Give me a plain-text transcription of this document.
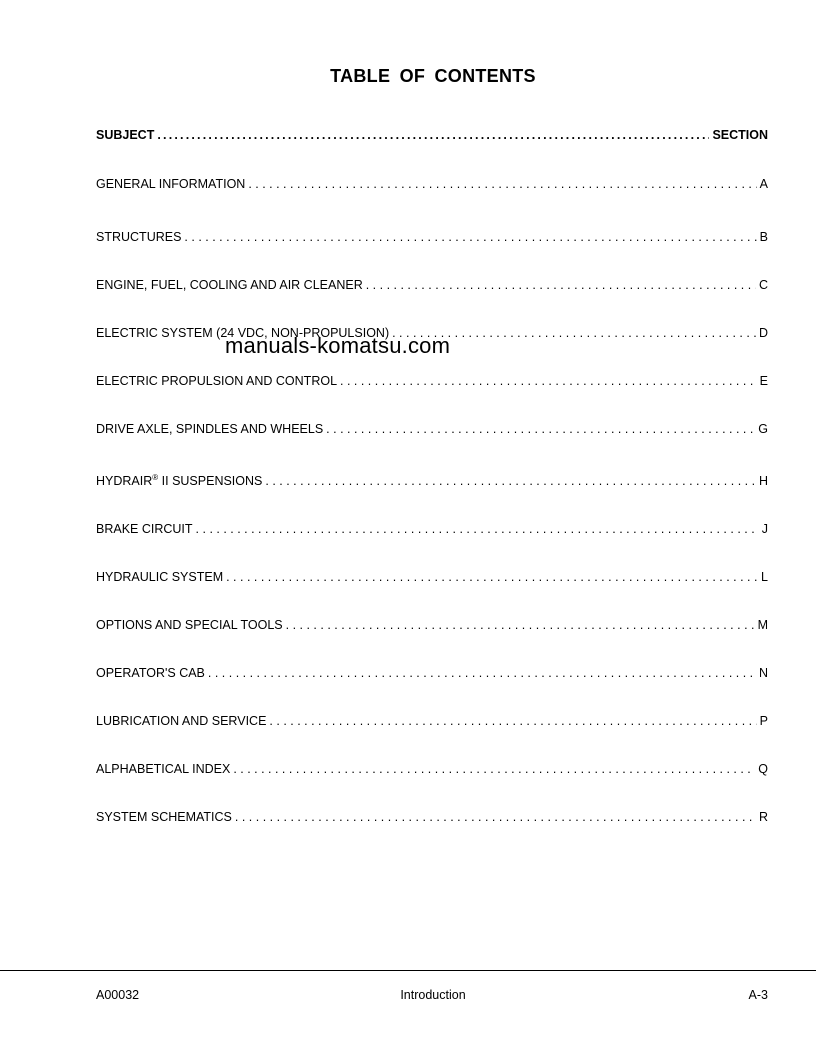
TABLE OF CONTENTS
SUBJECT .....	SECTION
GENERAL INFORMATION . . .	A
STRUCTURES . . .	B
ENGINE, FUEL, COOLING AND AIR CLEANER . . .	C
ELECTRIC SYSTEM (24 VDC, NON-PROPULSION) . . .	D
ELECTRIC PROPULSION AND CONTROL . . .	E
DRIVE AXLE, SPINDLES AND WHEELS . . .	G
HYDRAIR® II SUSPENSIONS . . .	H
BRAKE CIRCUIT . . .	J
HYDRAULIC SYSTEM . . .	L
OPTIONS AND SPECIAL TOOLS . . .	M
OPERATOR'S CAB . . .	N
LUBRICATION AND SERVICE . . .	P
ALPHABETICAL INDEX . . .	Q
SYSTEM SCHEMATICS . . .	R
manuals-komatsu.com
A00032	Introduction	A-3
